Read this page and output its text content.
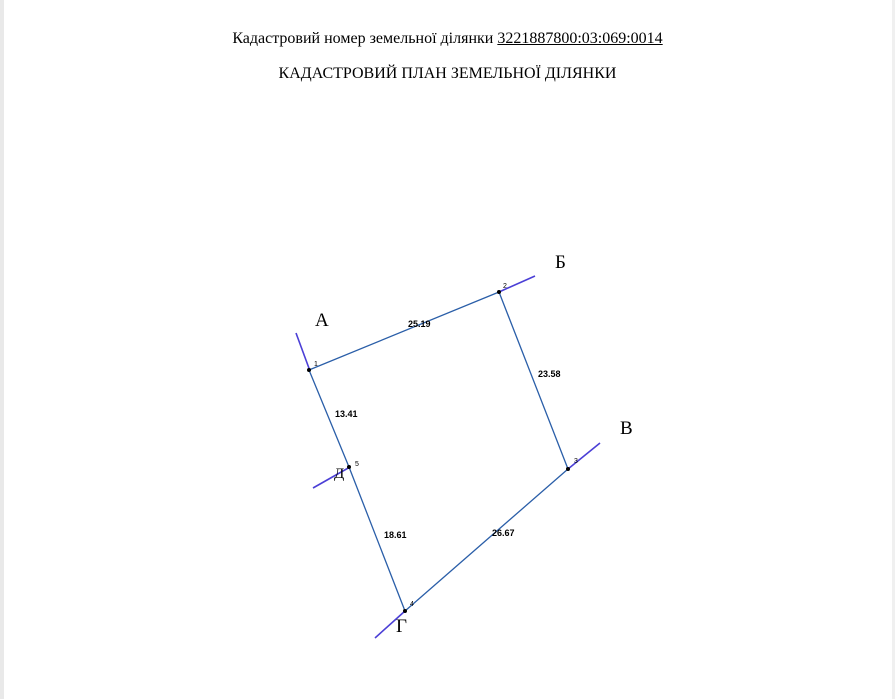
Кадастровий номер земельної ділянки 3221887800:03:069:0014
КАДАСТРОВИЙ ПЛАН ЗЕМЕЛЬНОЇ ДІЛЯНКИ
1
2
3
4
5
25.19
23.58
26.67
18.61
13.41
А
Б
В
Д
Г
